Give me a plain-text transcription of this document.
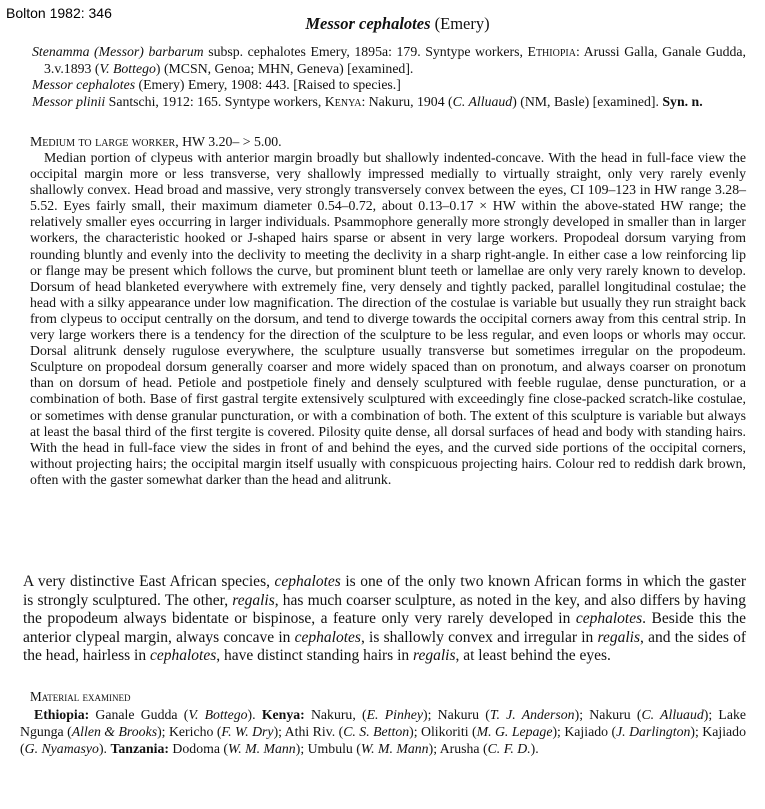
Bolton 1982: 346
Messor cephalotes (Emery)

Stenamma (Messor) barbarum subsp. cephalotes Emery, 1895a: 179. Syntype workers, Ethiopia: Arussi Galla, Ganale Gudda, 3.v.1893 (V. Bottego) (MCSN, Genoa; MHN, Geneva) [examined].

Messor cephalotes (Emery) Emery, 1908: 443. [Raised to species.]

Messor plinii Santschi, 1912: 165. Syntype workers, Kenya: Nakuru, 1904 (C. Alluaud) (NM, Basle) [examined]. Syn. n.

Medium to large worker, HW 3.20– > 5.00.

Median portion of clypeus with anterior margin broadly but shallowly indented-concave. With the head in full-face view the occipital margin more or less transverse, very shallowly impressed medially to virtually straight, only very rarely evenly shallowly convex. Head broad and massive, very strongly transversely convex between the eyes, CI 109–123 in HW range 3.28–5.52. Eyes fairly small, their maximum diameter 0.54–0.72, about 0.13–0.17 × HW within the above-stated HW range; the relatively smaller eyes occurring in larger individuals. Psammophore generally more strongly developed in smaller than in larger workers, the characteristic hooked or J-shaped hairs sparse or absent in very large workers. Propodeal dorsum varying from rounding bluntly and evenly into the declivity to meeting the declivity in a sharp right-angle. In either case a low reinforcing lip or flange may be present which follows the curve, but prominent blunt teeth or lamellae are only very rarely known to develop. Dorsum of head blanketed everywhere with extremely fine, very densely and tightly packed, parallel longitudinal costulae; the head with a silky appearance under low magnification. The direction of the costulae is variable but usually they run straight back from clypeus to occiput centrally on the dorsum, and tend to diverge towards the occipital corners away from this central strip. In very large workers there is a tendency for the direction of the sculpture to be less regular, and even loops or whorls may occur. Dorsal alitrunk densely rugulose everywhere, the sculpture usually transverse but sometimes irregular on the propodeum. Sculpture on propodeal dorsum generally coarser and more widely spaced than on pronotum, and always coarser on pronotum than on dorsum of head. Petiole and postpetiole finely and densely sculptured with feeble rugulae, dense puncturation, or a combination of both. Base of first gastral tergite extensively sculptured with exceedingly fine close-packed scratch-like costulae, or sometimes with dense granular puncturation, or with a combination of both. The extent of this sculpture is variable but always at least the basal third of the first tergite is covered. Pilosity quite dense, all dorsal surfaces of head and body with standing hairs. With the head in full-face view the sides in front of and behind the eyes, and the curved side portions of the occipital corners, without projecting hairs; the occipital margin itself usually with conspicuous projecting hairs. Colour red to reddish dark brown, often with the gaster somewhat darker than the head and alitrunk.

A very distinctive East African species, cephalotes is one of the only two known African forms in which the gaster is strongly sculptured. The other, regalis, has much coarser sculpture, as noted in the key, and also differs by having the propodeum always bidentate or bispinose, a feature only very rarely developed in cephalotes. Beside this the anterior clypeal margin, always concave in cephalotes, is shallowly convex and irregular in regalis, and the sides of the head, hairless in cephalotes, have distinct standing hairs in regalis, at least behind the eyes.

Material examined

Ethiopia: Ganale Gudda (V. Bottego). Kenya: Nakuru, (E. Pinhey); Nakuru (T. J. Anderson); Nakuru (C. Alluaud); Lake Ngunga (Allen & Brooks); Kericho (F. W. Dry); Athi Riv. (C. S. Betton); Olikoriti (M. G. Lepage); Kajiado (J. Darlington); Kajiado (G. Nyamasyo). Tanzania: Dodoma (W. M. Mann); Umbulu (W. M. Mann); Arusha (C. F. D.).
